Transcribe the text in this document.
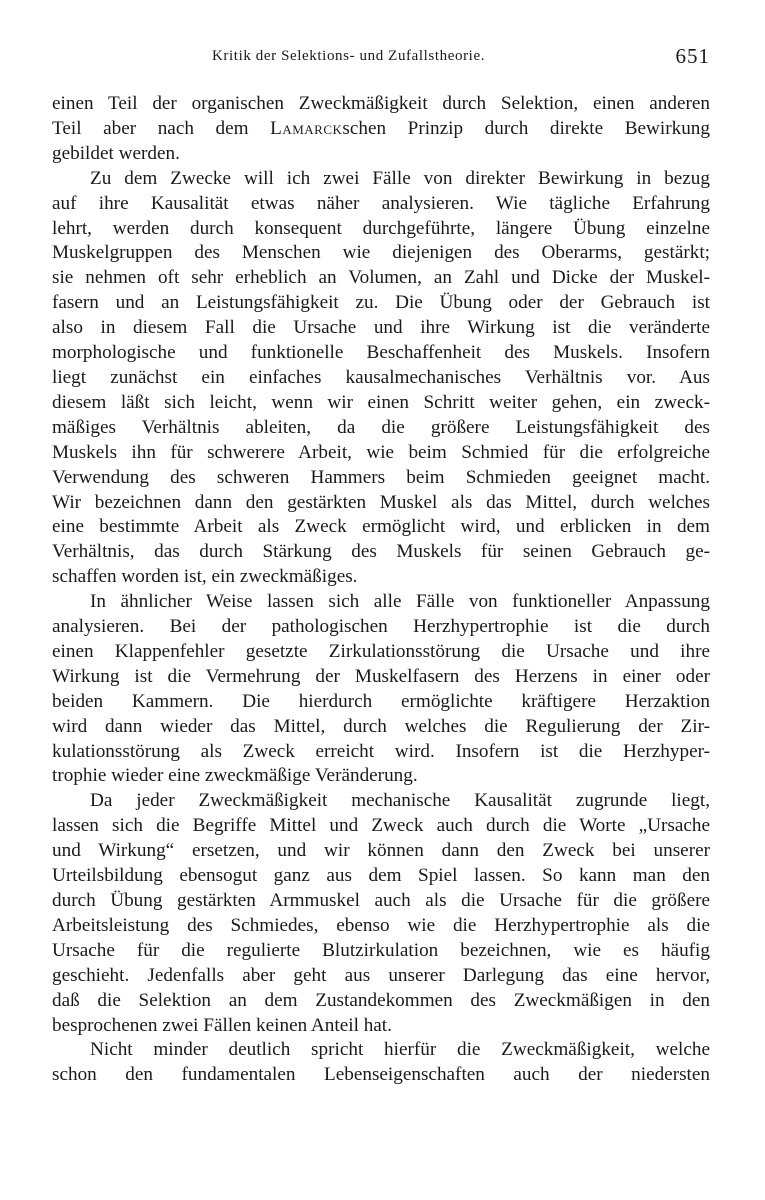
Kritik der Selektions- und Zufallstheorie.	651
einen Teil der organischen Zweckmäßigkeit durch Selektion, einen anderen
Teil aber nach dem Lamarckschen Prinzip durch direkte Bewirkung
gebildet werden.
Zu dem Zwecke will ich zwei Fälle von direkter Bewirkung in bezug
auf ihre Kausalität etwas näher analysieren. Wie tägliche Erfahrung
lehrt, werden durch konsequent durchgeführte, längere Übung einzelne
Muskelgruppen des Menschen wie diejenigen des Oberarms, gestärkt;
sie nehmen oft sehr erheblich an Volumen, an Zahl und Dicke der Muskel-
fasern und an Leistungsfähigkeit zu. Die Übung oder der Gebrauch ist
also in diesem Fall die Ursache und ihre Wirkung ist die veränderte
morphologische und funktionelle Beschaffenheit des Muskels. Insofern
liegt zunächst ein einfaches kausalmechanisches Verhältnis vor. Aus
diesem läßt sich leicht, wenn wir einen Schritt weiter gehen, ein zweck-
mäßiges Verhältnis ableiten, da die größere Leistungsfähigkeit des
Muskels ihn für schwerere Arbeit, wie beim Schmied für die erfolgreiche
Verwendung des schweren Hammers beim Schmieden geeignet macht.
Wir bezeichnen dann den gestärkten Muskel als das Mittel, durch welches
eine bestimmte Arbeit als Zweck ermöglicht wird, und erblicken in dem
Verhältnis, das durch Stärkung des Muskels für seinen Gebrauch ge-
schaffen worden ist, ein zweckmäßiges.
In ähnlicher Weise lassen sich alle Fälle von funktioneller Anpassung
analysieren. Bei der pathologischen Herzhypertrophie ist die durch
einen Klappenfehler gesetzte Zirkulationsstörung die Ursache und ihre
Wirkung ist die Vermehrung der Muskelfasern des Herzens in einer oder
beiden Kammern. Die hierdurch ermöglichte kräftigere Herzaktion
wird dann wieder das Mittel, durch welches die Regulierung der Zir-
kulationsstörung als Zweck erreicht wird. Insofern ist die Herzhyper-
trophie wieder eine zweckmäßige Veränderung.
Da jeder Zweckmäßigkeit mechanische Kausalität zugrunde liegt,
lassen sich die Begriffe Mittel und Zweck auch durch die Worte „Ursache
und Wirkung“ ersetzen, und wir können dann den Zweck bei unserer
Urteilsbildung ebensogut ganz aus dem Spiel lassen. So kann man den
durch Übung gestärkten Armmuskel auch als die Ursache für die größere
Arbeitsleistung des Schmiedes, ebenso wie die Herzhypertrophie als die
Ursache für die regulierte Blutzirkulation bezeichnen, wie es häufig
geschieht. Jedenfalls aber geht aus unserer Darlegung das eine hervor,
daß die Selektion an dem Zustandekommen des Zweckmäßigen in den
besprochenen zwei Fällen keinen Anteil hat.
Nicht minder deutlich spricht hierfür die Zweckmäßigkeit, welche
schon den fundamentalen Lebenseigenschaften auch der niedersten
